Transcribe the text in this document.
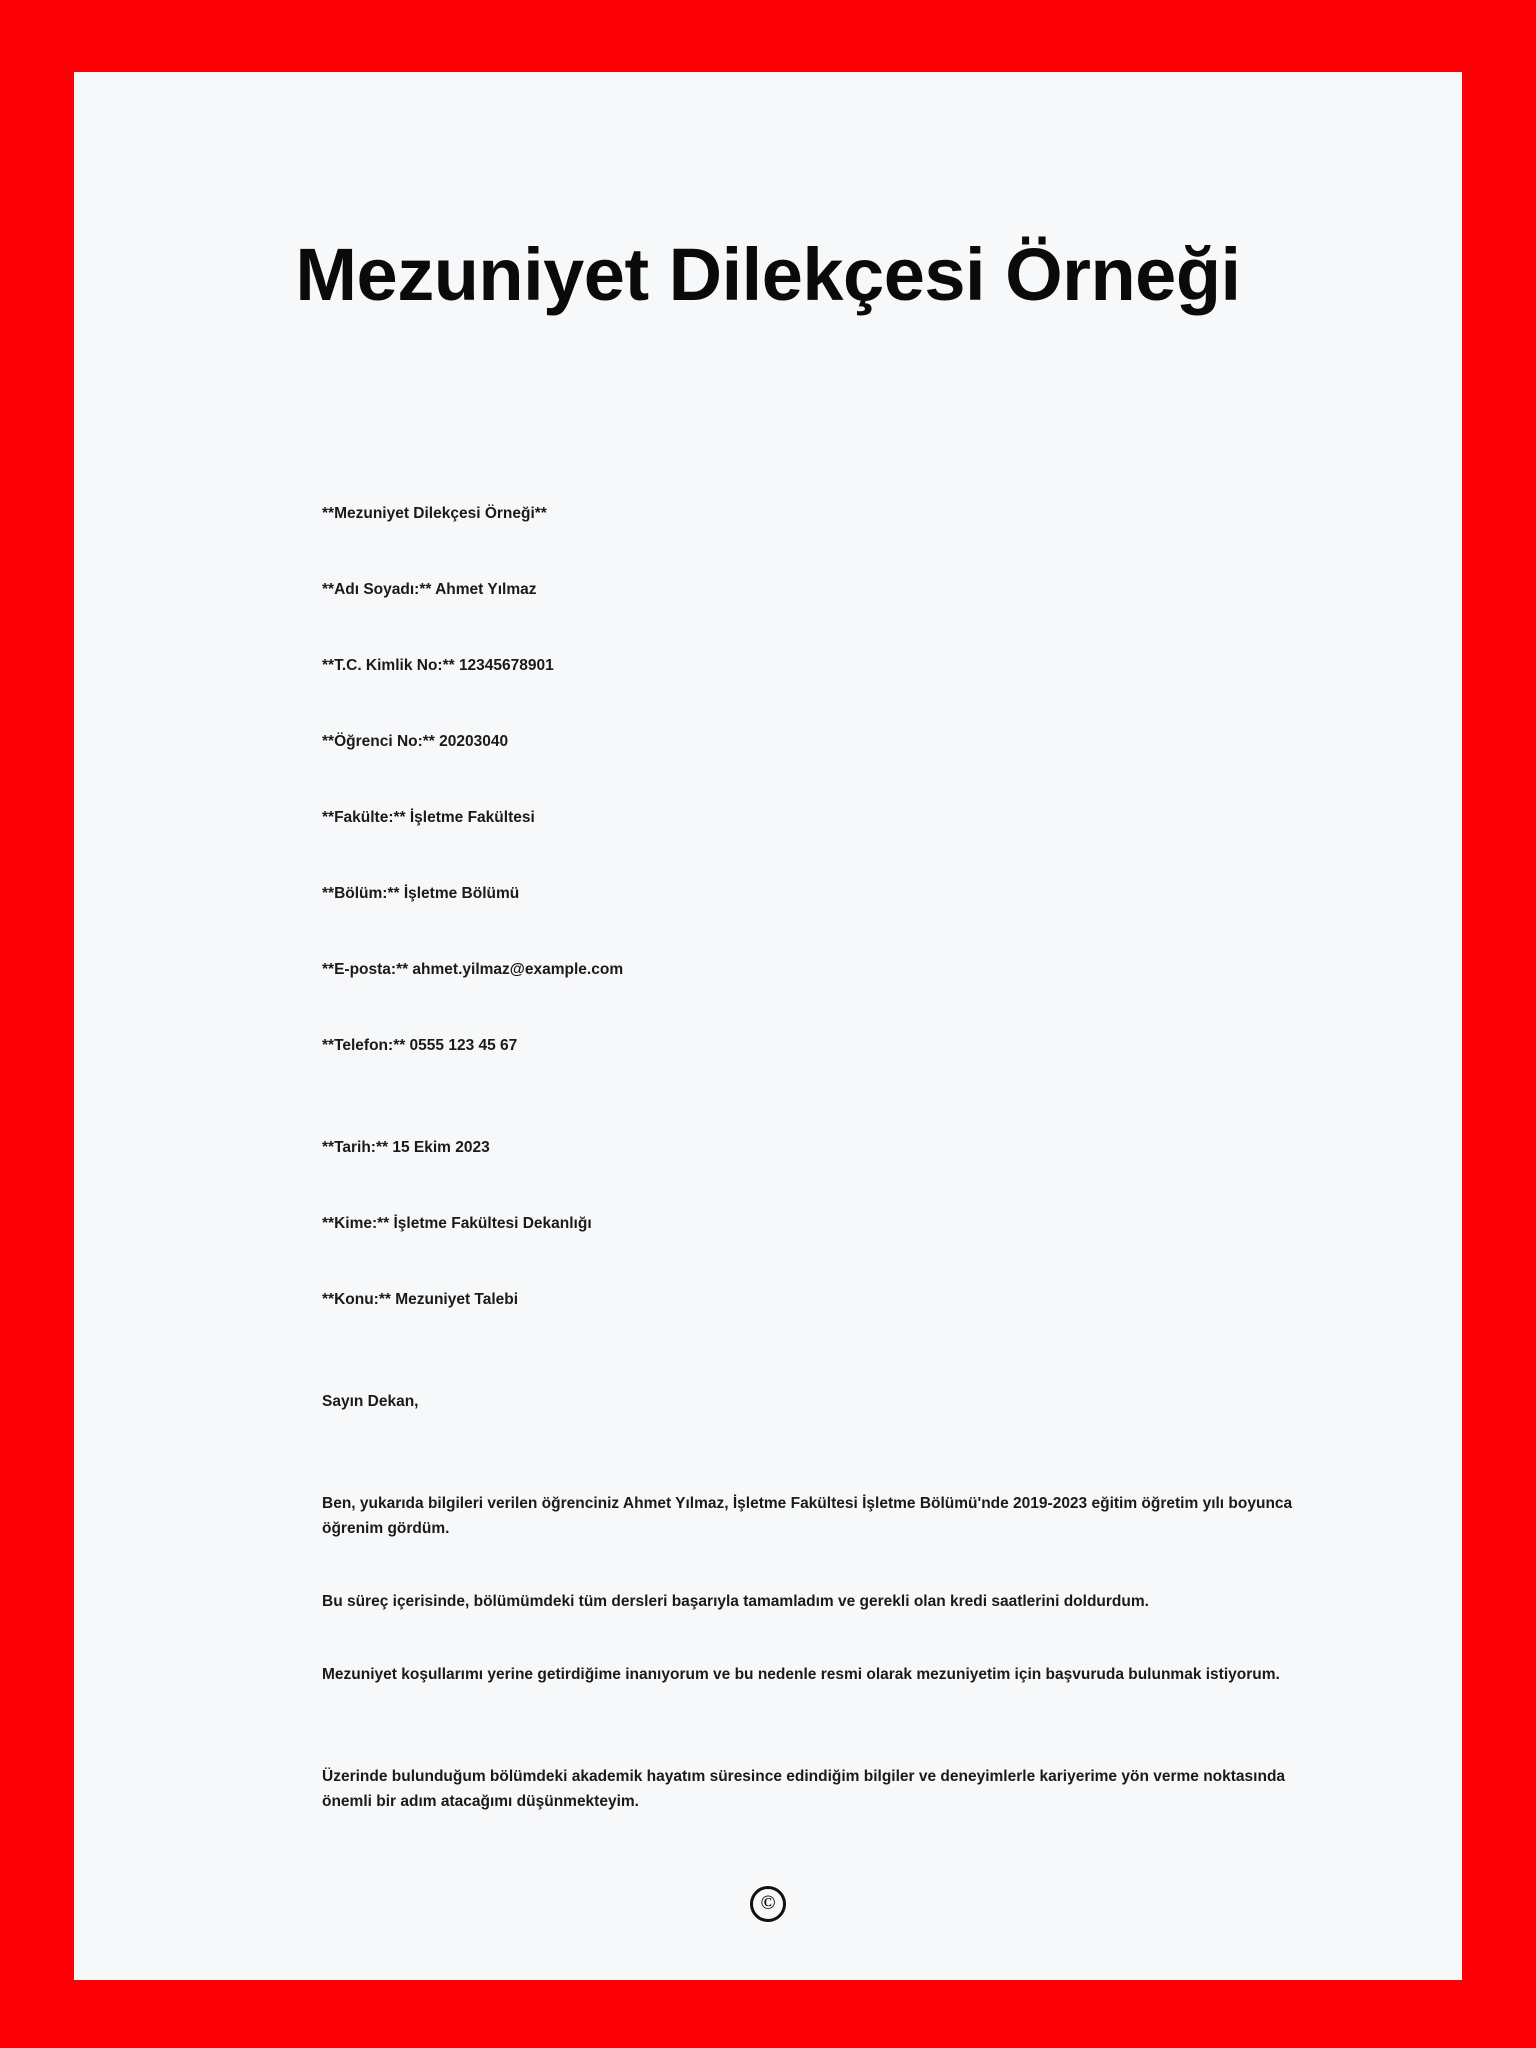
Mezuniyet Dilekçesi Örneği

**Mezuniyet Dilekçesi Örneği**

**Adı Soyadı:** Ahmet Yılmaz

**T.C. Kimlik No:** 12345678901

**Öğrenci No:** 20203040

**Fakülte:** İşletme Fakültesi

**Bölüm:** İşletme Bölümü

**E-posta:** ahmet.yilmaz@example.com

**Telefon:** 0555 123 45 67

**Tarih:** 15 Ekim 2023

**Kime:** İşletme Fakültesi Dekanlığı

**Konu:** Mezuniyet Talebi

Sayın Dekan,

Ben, yukarıda bilgileri verilen öğrenciniz Ahmet Yılmaz, İşletme Fakültesi İşletme Bölümü'nde 2019-2023 eğitim öğretim yılı boyunca öğrenim gördüm.

Bu süreç içerisinde, bölümümdeki tüm dersleri başarıyla tamamladım ve gerekli olan kredi saatlerini doldurdum.

Mezuniyet koşullarımı yerine getirdiğime inanıyorum ve bu nedenle resmi olarak mezuniyetim için başvuruda bulunmak istiyorum.

Üzerinde bulunduğum bölümdeki akademik hayatım süresince edindiğim bilgiler ve deneyimlerle kariyerime yön verme noktasında önemli bir adım atacağımı düşünmekteyim.

©
